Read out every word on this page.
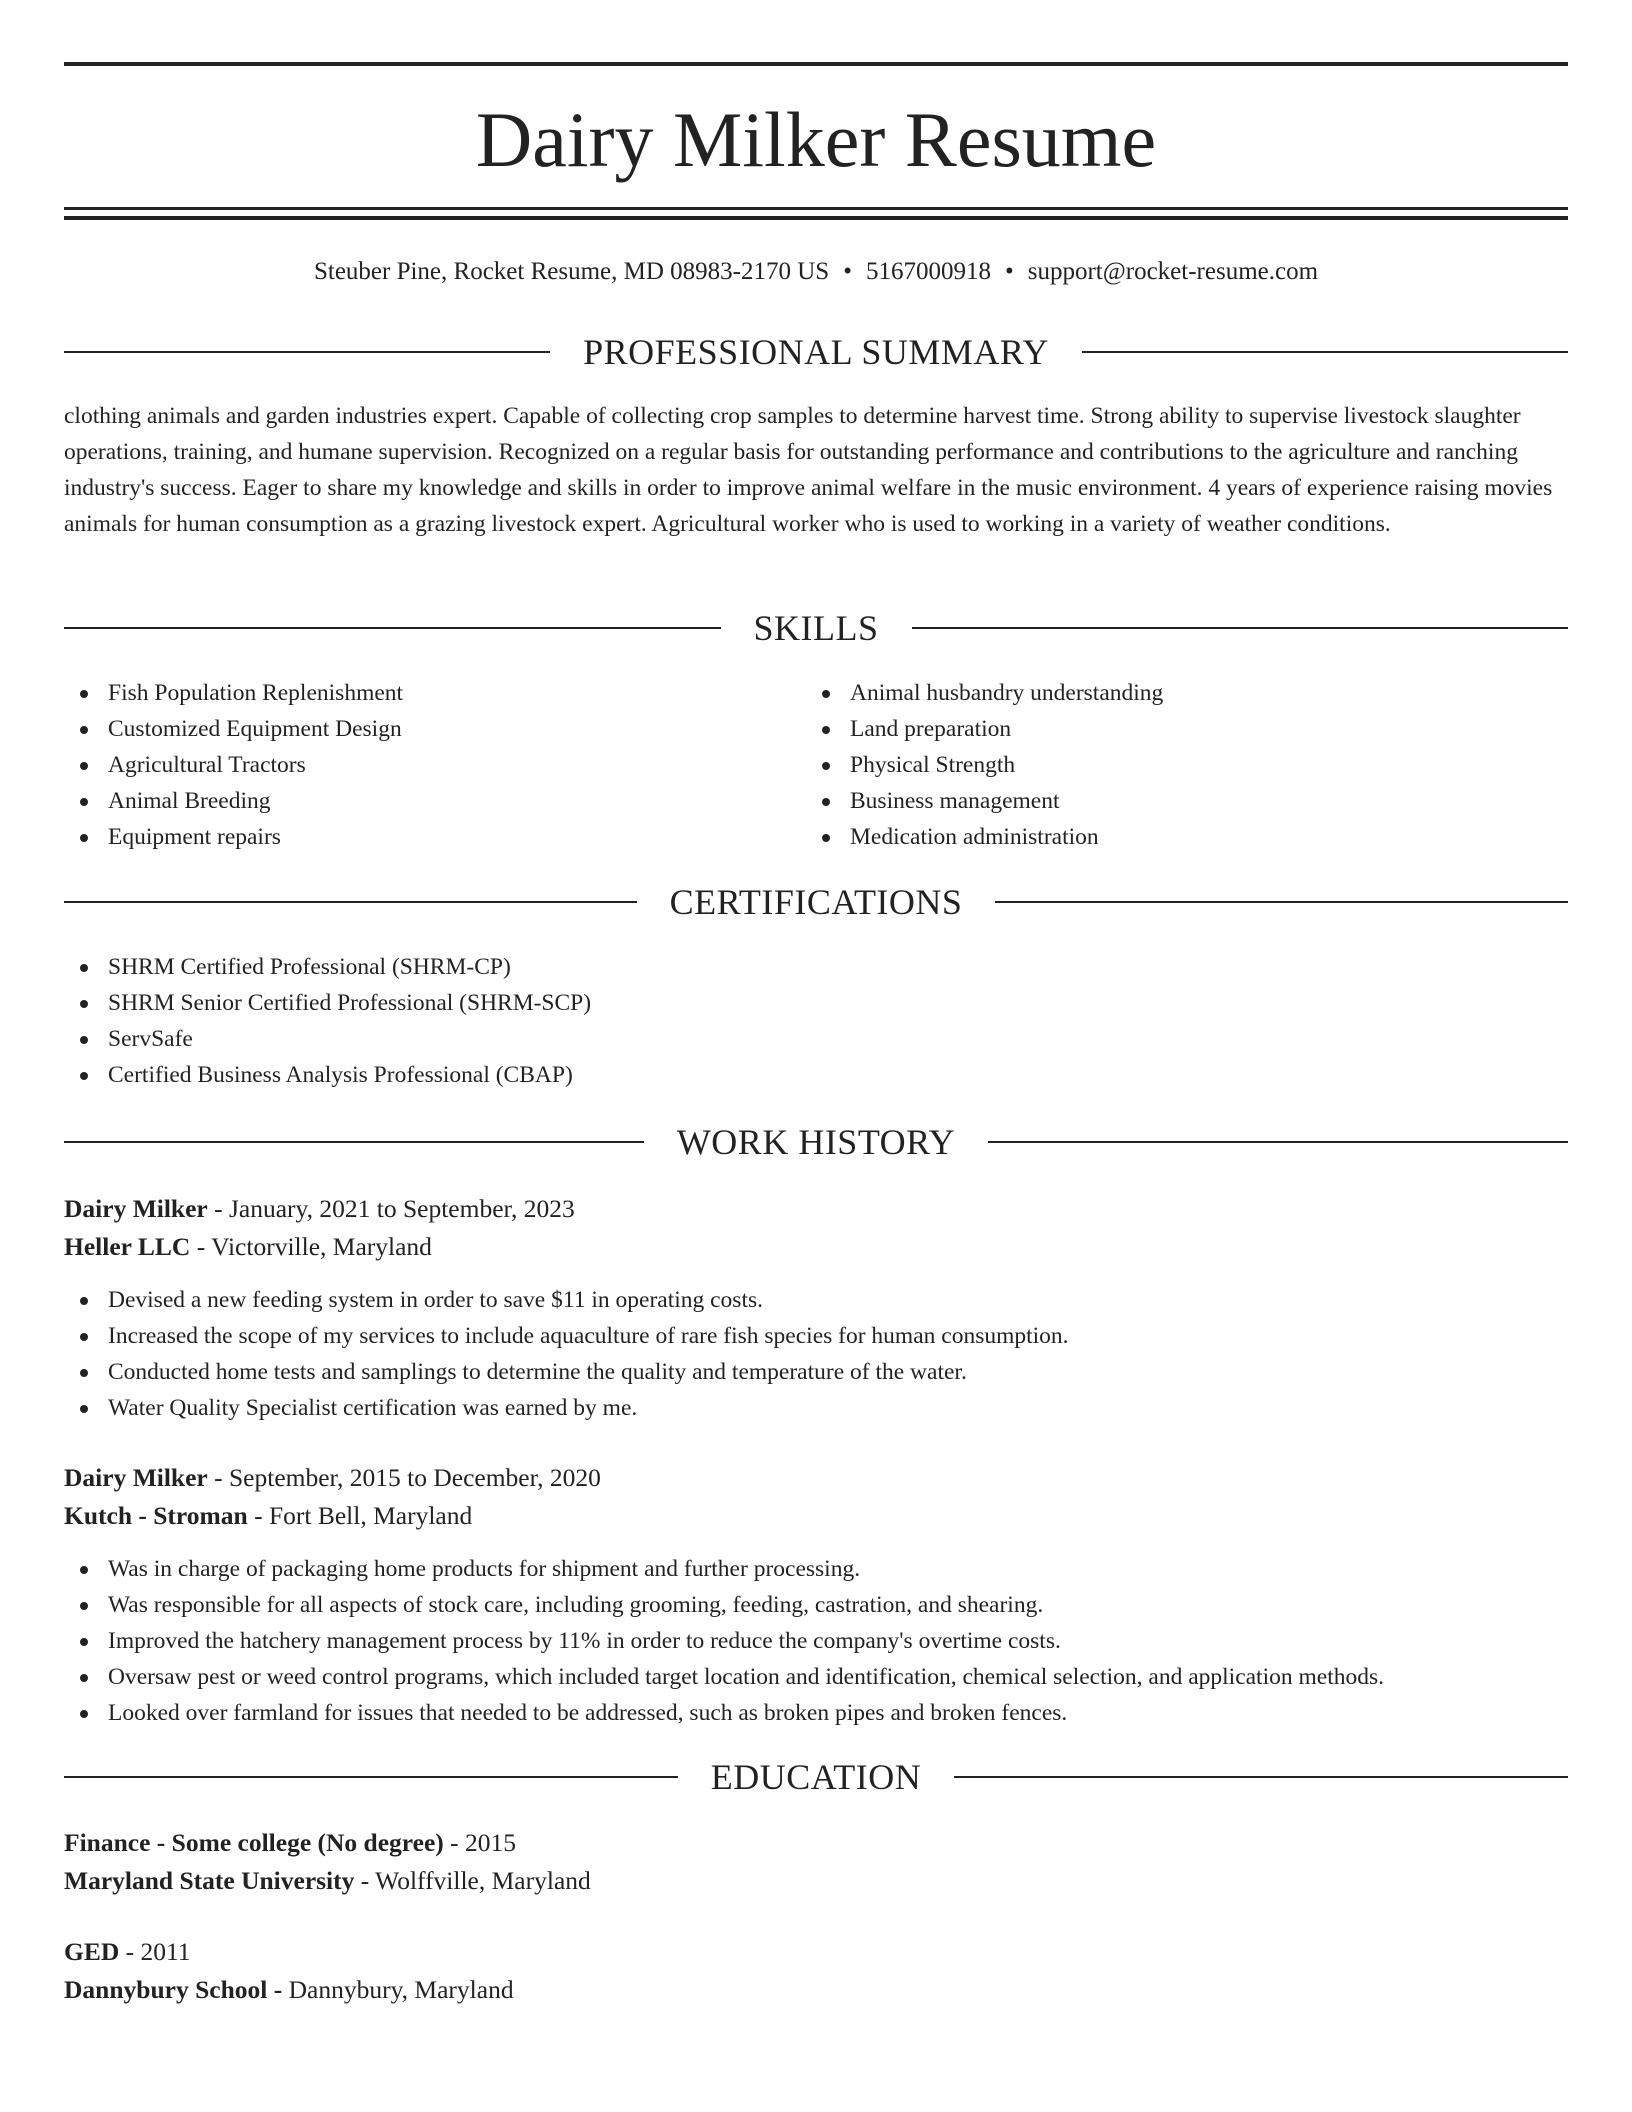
Dairy Milker Resume
Steuber Pine, Rocket Resume, MD 08983-2170 US • 5167000918 • support@rocket-resume.com
PROFESSIONAL SUMMARY

clothing animals and garden industries expert. Capable of collecting crop samples to determine harvest time. Strong ability to supervise livestock slaughter operations, training, and humane supervision. Recognized on a regular basis for outstanding performance and contributions to the agriculture and ranching industry's success. Eager to share my knowledge and skills in order to improve animal welfare in the music environment. 4 years of experience raising movies animals for human consumption as a grazing livestock expert. Agricultural worker who is used to working in a variety of weather conditions.

SKILLS
Fish Population Replenishment
Customized Equipment Design
Agricultural Tractors
Animal Breeding
Equipment repairs
Animal husbandry understanding
Land preparation
Physical Strength
Business management
Medication administration
CERTIFICATIONS
SHRM Certified Professional (SHRM-CP)
SHRM Senior Certified Professional (SHRM-SCP)
ServSafe
Certified Business Analysis Professional (CBAP)
WORK HISTORY
Dairy Milker - January, 2021 to September, 2023
Heller LLC - Victorville, Maryland
Devised a new feeding system in order to save $11 in operating costs.
Increased the scope of my services to include aquaculture of rare fish species for human consumption.
Conducted home tests and samplings to determine the quality and temperature of the water.
Water Quality Specialist certification was earned by me.
Dairy Milker - September, 2015 to December, 2020
Kutch - Stroman - Fort Bell, Maryland
Was in charge of packaging home products for shipment and further processing.
Was responsible for all aspects of stock care, including grooming, feeding, castration, and shearing.
Improved the hatchery management process by 11% in order to reduce the company's overtime costs.
Oversaw pest or weed control programs, which included target location and identification, chemical selection, and application methods.
Looked over farmland for issues that needed to be addressed, such as broken pipes and broken fences.
EDUCATION
Finance - Some college (No degree) - 2015
Maryland State University - Wolffville, Maryland
GED - 2011
Dannybury School - Dannybury, Maryland
